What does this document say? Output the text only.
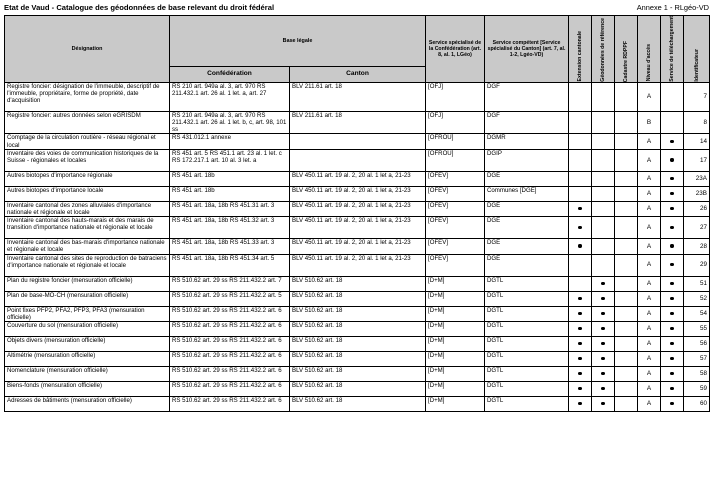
Etat de Vaud - Catalogue des géodonnées de base relevant du droit fédéral	Annexe 1 - RLgéo-VD
Désignation	Base légale		Service spécialisé de la Confédération (art. 8, al. 1, LGéo)	Service compétent [Service spécialisé du Canton] (art. 7, al. 1-2, Lgéo-VD)	Extension cantonale	Géodonnées de référence	Cadastre RDPPF	Niveau d'accès	Service de téléchargement	Identificateur

	Confédération	Canton								
Registre foncier: désignation de l'immeuble, descriptif de l'immeuble, propriétaire, forme de propriété, date d'acquisition	RS 210 art. 949a al. 3, art. 970 RS 211.432.1 art. 26 al. 1 let. a, art. 27	BLV 211.61 art. 18	[OFJ]	DGF				A		7
Registre foncier: autres données selon eGRISDM	RS 210 art. 949a al. 3, art. 970 RS 211.432.1 art. 26 al. 1 let. b, c, art. 98, 101 ss	BLV 211.61 art. 18	[OFJ]	DGF				B		8
Comptage de la circulation routière - réseau régional et local	RS 431.012.1 annexe		[OFROU]	DGMR				A		14
Inventaire des voies de communication historiques de la Suisse - régionales et locales	RS 451 art. 5 RS 451.1 art. 23 al. 1 let. c RS 172.217.1 art. 10 al. 3 let. a		[OFROU]	DGIP				A		17
Autres biotopes d'importance régionale	RS 451 art. 18b	BLV 450.11 art. 19 al. 2, 20 al. 1 let a, 21-23	[OFEV]	DGE				A		23A
Autres biotopes d'importance locale	RS 451 art. 18b	BLV 450.11 art. 19 al. 2, 20 al. 1 let a, 21-23	[OFEV]	Communes [DGE]				A		23B
Inventaire cantonal des zones alluviales d'importance nationale et régionale et locale	RS 451 art. 18a, 18b RS 451.31 art. 3	BLV 450.11 art. 19 al. 2, 20 al. 1 let a, 21-23	[OFEV]	DGE				A		26
Inventaire cantonal des hauts-marais et des marais de transition d'importance nationale et régionale et locale	RS 451 art. 18a, 18b RS 451.32 art. 3	BLV 450.11 art. 19 al. 2, 20 al. 1 let a, 21-23	[OFEV]	DGE				A		27
Inventaire cantonal des bas-marais d'importance nationale et régionale et locale	RS 451 art. 18a, 18b RS 451.33 art. 3	BLV 450.11 art. 19 al. 2, 20 al. 1 let a, 21-23	[OFEV]	DGE				A		28
Inventaire cantonal des sites de reproduction de batraciens d'importance nationale et régionale et locale	RS 451 art. 18a, 18b RS 451.34 art. 5	BLV 450.11 art. 19 al. 2, 20 al. 1 let a, 21-23	[OFEV]	DGE				A		29
Plan du registre foncier (mensuration officielle)	RS 510.62 art. 29 ss RS 211.432.2 art. 7	BLV 510.62 art. 18	[D+M]	DGTL				A		51
Plan de base-MO-CH (mensuration officielle)	RS 510.62 art. 29 ss RS 211.432.2 art. 5	BLV 510.62 art. 18	[D+M]	DGTL				A		52
Point fixes PFP2, PFA2, PFP3, PFA3 (mensuration officielle)	RS 510.62 art. 29 ss RS 211.432.2 art. 6	BLV 510.62 art. 18	[D+M]	DGTL				A		54
Couverture du sol (mensuration officielle)	RS 510.62 art. 29 ss RS 211.432.2 art. 6	BLV 510.62 art. 18	[D+M]	DGTL				A		55
Objets divers (mensuration officielle)	RS 510.62 art. 29 ss RS 211.432.2 art. 6	BLV 510.62 art. 18	[D+M]	DGTL				A		56
Altimétrie (mensuration officielle)	RS 510.62 art. 29 ss RS 211.432.2 art. 6	BLV 510.62 art. 18	[D+M]	DGTL				A		57
Nomenclature (mensuration officielle)	RS 510.62 art. 29 ss RS 211.432.2 art. 6	BLV 510.62 art. 18	[D+M]	DGTL				A		58
Biens-fonds (mensuration officielle)	RS 510.62 art. 29 ss RS 211.432.2 art. 6	BLV 510.62 art. 18	[D+M]	DGTL				A		59
Adresses de bâtiments (mensuration officielle)	RS 510.62 art. 29 ss RS 211.432.2 art. 6	BLV 510.62 art. 18	[D+M]	DGTL				A		60
